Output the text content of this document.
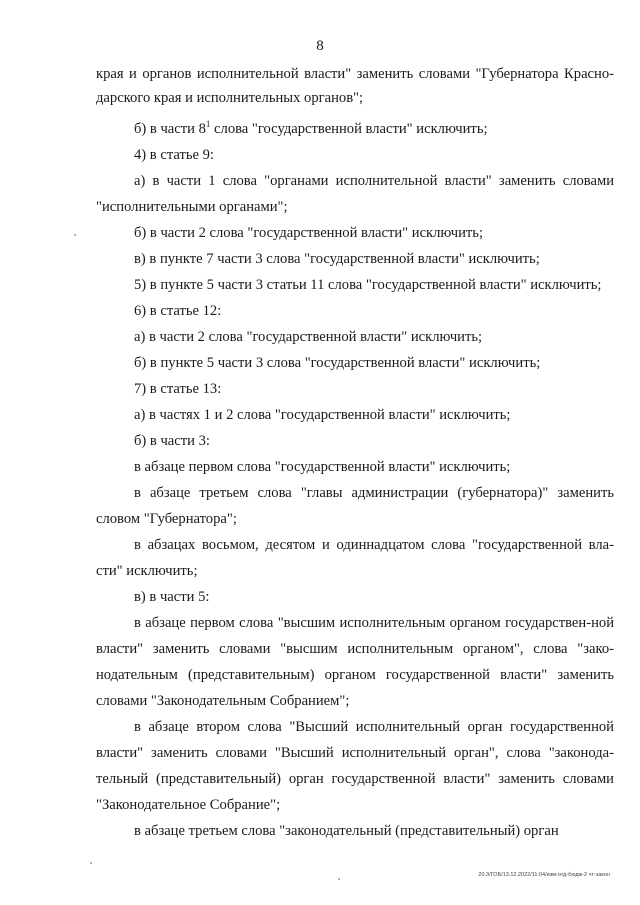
8

края и органов исполнительной власти" заменить словами "Губернатора Красно-дарского края и исполнительных органов";

б) в части $8^1$ слова "государственной власти" исключить;

4) в статье 9:

а) в части 1 слова "органами исполнительной власти" заменить словами "исполнительными органами";

б) в части 2 слова "государственной власти" исключить;

в) в пункте 7 части 3 слова "государственной власти" исключить;

5) в пункте 5 части 3 статьи 11 слова "государственной власти" исключить;

6) в статье 12:

а) в части 2 слова "государственной власти" исключить;

б) в пункте 5 части 3 слова "государственной власти" исключить;

7) в статье 13:

а) в частях 1 и 2 слова "государственной власти" исключить;

б) в части 3:

в абзаце первом слова "государственной власти" исключить;

в абзаце третьем слова "главы администрации (губернатора)" заменить словом "Губернатора";

в абзацах восьмом, десятом и одиннадцатом слова "государственной вла-сти" исключить;

в) в части 5:

в абзаце первом слова "высшим исполнительным органом государствен-ной власти" заменить словами "высшим исполнительным органом", слова "зако-нодательным (представительным) органом государственной власти" заменить словами "Законодательным Собранием";

в абзаце втором слова "Высший исполнительный орган государственной власти" заменить словами "Высший исполнительный орган", слова "законода-тельный (представительный) орган государственной власти" заменить словами "Законодательное Собрание";

в абзаце третьем слова "законодательный (представительный) орган

20.3/ГОБ/13.12.2022/11:04/изм-отд-бюдж-2 чт-закон
